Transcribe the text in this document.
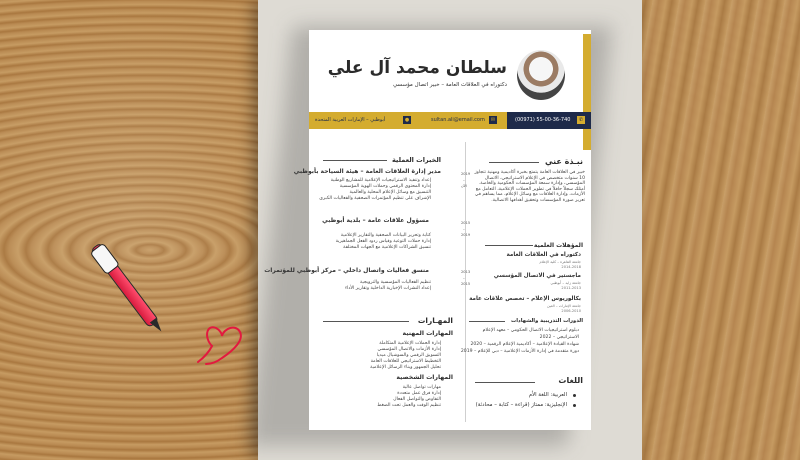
سلطان محمد آل علي
دكتوراه في العلاقات العامة – خبير اتصال مؤسسي
✆
(00971) 55-00-36-740
✉
sultan.ali@email.com
●
أبوظبي – الإمارات العربية المتحدة
نبـذة عني
خبير في العلاقات العامة يتمتع بخبرة أكاديمية ومهنية تتجاوز 10 سنوات متخصص في الإعلام الاستراتيجي، الاتصال المؤسسي، وإدارة سمعة المؤسسات الحكومية والخاصة. أمتلك سجلاً حافلاً في تطوير الحملات الإعلامية، التعامل مع الأزمات، وإدارة العلاقات مع وسائل الإعلام، مما يساهم في تعزيز صورة المؤسسات وتحقيق أهدافها الاتصالية.
المؤهلات العلمية
دكتوراه في العلاقات العامة
جامعة القاهرة – كلية الإعلام
2014-2018
ماجستير في الاتصال المؤسسي
جامعة زايد – أبوظبي
2011-2013
بكالوريوس الإعلام – تخصص علاقات عامة
جامعة الإمارات – العين
2006-2010
الدورات التدريبية والشهادات
دبلوم استراتيجيات الاتصال الحكومي – معهد الإعلام
الاستراتيجي – 2022
شهادة القيادة الإعلامية – أكاديمية الإعلام الرقمية – 2020
دورة متقدمة في إدارة الأزمات الإعلامية – دبي للإعلام – 2019
اللغات
العربية: اللغة الأم
الإنجليزية: ممتاز (قراءة – كتابة – محادثة)
الخبرات العملية
مدير إدارة العلاقات العامة – هيئة السياحة بأبوظبي	2019
–
الآن
إعداد وتنفيذ الاستراتيجيات الإعلامية للمشاريع الوطنية
إدارة المحتوى الرقمي وحملات الهوية المؤسسية
التنسيق مع وسائل الإعلام المحلية والعالمية
الإشراف على تنظيم المؤتمرات الصحفية والفعاليات الكبرى
مسؤول علاقات عامة – بلدية أبوظبي	2015
–
2019
كتابة وتحرير البيانات الصحفية والتقارير الإعلامية
إدارة حملات التوعية وقياس ردود الفعل الجماهيرية
تنسيق الشراكات الإعلامية مع الجهات المختلفة
منسق فعاليات واتصال داخلي – مركز أبوظبي للمؤتمرات	2013
–
2015
تنظيم الفعاليات المؤسسية والترويجية
إعداد النشرات الإخبارية الداخلية وتقارير الأداء
المهـارات
المهارات المهنية
إدارة الحملات الإعلامية المتكاملة
إدارة الأزمات والاتصال المؤسسي
التسويق الرقمي والسوشيال ميديا
التخطيط الاستراتيجي للعلاقات العامة
تحليل الجمهور وبناء الرسائل الإعلامية
المهارات الشخصية
مهارات تواصل عالية
إدارة فرق عمل متعددة
التفاوض والتواصل الفعال
تنظيم الوقت والعمل تحت الضغط
